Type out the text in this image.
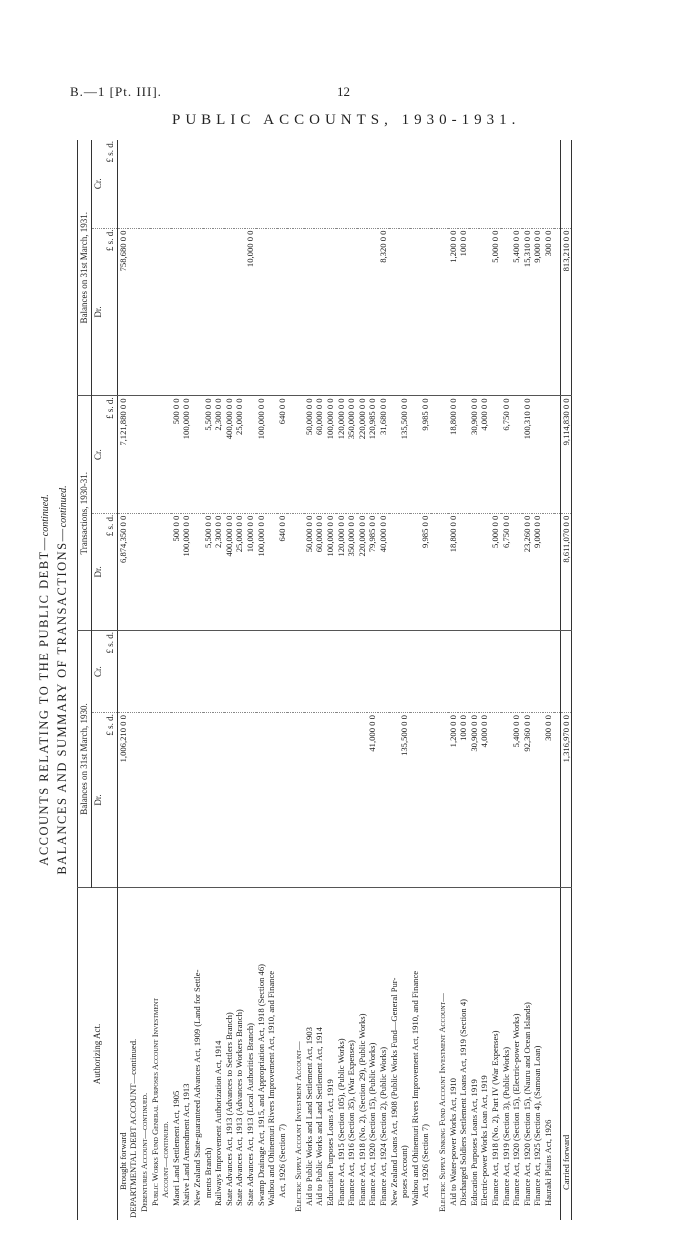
B.—1 [Pt. III].	12
PUBLIC ACCOUNTS, 1930-1931.
ACCOUNTS RELATING TO THE PUBLIC DEBT—continued.
BALANCES AND SUMMARY OF TRANSACTIONS—continued.
Authorizing Act.	Balances on 31st March, 1930.		Transactions, 1930-31.		Balances on 31st March, 1931.	
	Dr.	Cr.	Dr.	Cr.	Dr.	Cr.
	£ s. d.	£ s. d.	£ s. d.	£ s. d.	£ s. d.	£ s. d.
Brought forward	1,006,210 0 0		6,874,350 0 0	7,121,880 0 0	758,680 0 0	
DEPARTMENTAL DEBT ACCOUNT—continued.						
Debentures Account—continued.						
Public Works Fund General Purposes Account Investment						
Account—continued.						
Maori Land Settlement Act, 1905			500 0 0	500 0 0		
Native Land Amendment Act, 1913			100,000 0 0	100,000 0 0		
New Zealand State-guaranteed Advances Act, 1909 (Land for Settle-						
ments Branch)			5,500 0 0	5,500 0 0		
Railways Improvement Authorization Act, 1914			2,300 0 0	2,300 0 0		
State Advances Act, 1913 (Advances to Settlers Branch)			400,000 0 0	400,000 0 0		
State Advances Act, 1913 (Advances to Workers Branch)			25,000 0 0	25,000 0 0		
State Advances Act, 1913 (Local Authorities Branch)			10,000 0 0		10,000 0 0	
Swamp Drainage Act, 1915, and Appropriation Act, 1918 (Section 46)			100,000 0 0	100,000 0 0		
Waihou and Ohinemuri Rivers Improvement Act, 1910, and Finance						
Act, 1926 (Section 7)			640 0 0	640 0 0		

Electric Supply Account Investment Account—						
Aid to Public Works and Land Settlement Act, 1903			50,000 0 0	50,000 0 0		
Aid to Public Works and Land Settlement Act, 1914			60,000 0 0	60,000 0 0		
Education Purposes Loans Act, 1919			100,000 0 0	100,000 0 0		
Finance Act, 1915 (Section 105), (Public Works)			120,000 0 0	120,000 0 0		
Finance Act, 1916 (Section 35), (War Expenses)			350,000 0 0	350,000 0 0		
Finance Act, 1918 (No. 2), (Section 29), (Public Works)			220,000 0 0	220,000 0 0		
Finance Act, 1920 (Section 15), (Public Works)	41,000 0 0		79,985 0 0	120,985 0 0		
Finance Act, 1924 (Section 2), (Public Works)			40,000 0 0	31,680 0 0	8,320 0 0	
New Zealand Loans Act, 1908 (Public Works Fund—General Pur-						
poses Account)	135,500 0 0			135,500 0 0		
Waihou and Ohinemuri Rivers Improvement Act, 1910, and Finance						
Act, 1926 (Section 7)			9,985 0 0	9,985 0 0		

Electric Supply Sinking Fund Account Investment Account—						
Aid to Water-power Works Act, 1910	1,200 0 0		18,800 0 0	18,800 0 0	1,200 0 0	
Discharged Soldiers Settlement Loans Act, 1919 (Section 4)	100 0 0				100 0 0	
Education Purposes Loans Act, 1919	30,900 0 0			30,900 0 0		
Electric-power Works Loan Act, 1919	4,000 0 0			4,000 0 0		
Finance Act, 1918 (No. 2), Part IV (War Expenses)			5,000 0 0		5,000 0 0	
Finance Act, 1919 (Section 3), (Public Works)			6,750 0 0	6,750 0 0		
Finance Act, 1920 (Section 15), (Electric-power Works)	5,400 0 0				5,400 0 0	
Finance Act, 1920 (Section 15), (Nauru and Ocean Islands)	92,360 0 0		23,260 0 0	100,310 0 0	15,310 0 0	
Finance Act, 1925 (Section 4), (Samoan Loan)			9,000 0 0		9,000 0 0	
Hauraki Plains Act, 1926	300 0 0				300 0 0	

Carried forward	1,316,970 0 0		8,611,070 0 0	9,114,830 0 0	813,210 0 0	
